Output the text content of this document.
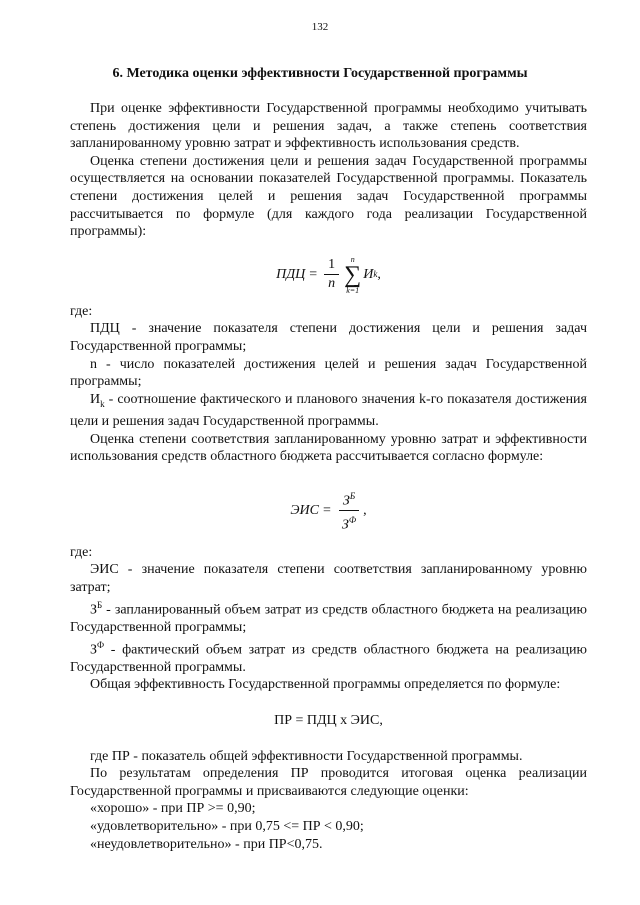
132
6. Методика оценки эффективности Государственной программы

При оценке эффективности Государственной программы необходимо учитывать степень достижения цели и решения задач, а также степень соответствия запланированному уровню затрат и эффективность использования средств.

Оценка степени достижения цели и решения задач Государственной программы осуществляется на основании показателей Государственной программы. Показатель степени достижения целей и решения задач Государственной программы рассчитывается по формуле (для каждого года реализации Государственной программы):

ПДЦ = $\frac{1}{n}$ n
∑
k=1
И k ,

где:

ПДЦ - значение показателя степени достижения цели и решения задач Государственной программы;

n - число показателей достижения целей и решения задач Государственной программы;

$И_k$ - соотношение фактического и планового значения k-го показателя достижения цели и решения задач Государственной программы.

Оценка степени соответствия запланированному уровню затрат и эффективности использования средств областного бюджета рассчитывается согласно формуле:

ЭИС = $\frac{З^Б}{З^Ф}$ ,

где:

ЭИС - значение показателя степени соответствия запланированному уровню затрат;

$З^Б$ - запланированный объем затрат из средств областного бюджета на реализацию Государственной программы;

$З^Ф$ - фактический объем затрат из средств областного бюджета на реализацию Государственной программы.

Общая эффективность Государственной программы определяется по формуле:

ПР = ПДЦ х ЭИС,

где ПР - показатель общей эффективности Государственной программы.

По результатам определения ПР проводится итоговая оценка реализации Государственной программы и присваиваются следующие оценки:

«хорошо» - при ПР >= 0,90;

«удовлетворительно» - при 0,75 <= ПР < 0,90;

«неудовлетворительно» - при ПР<0,75.
